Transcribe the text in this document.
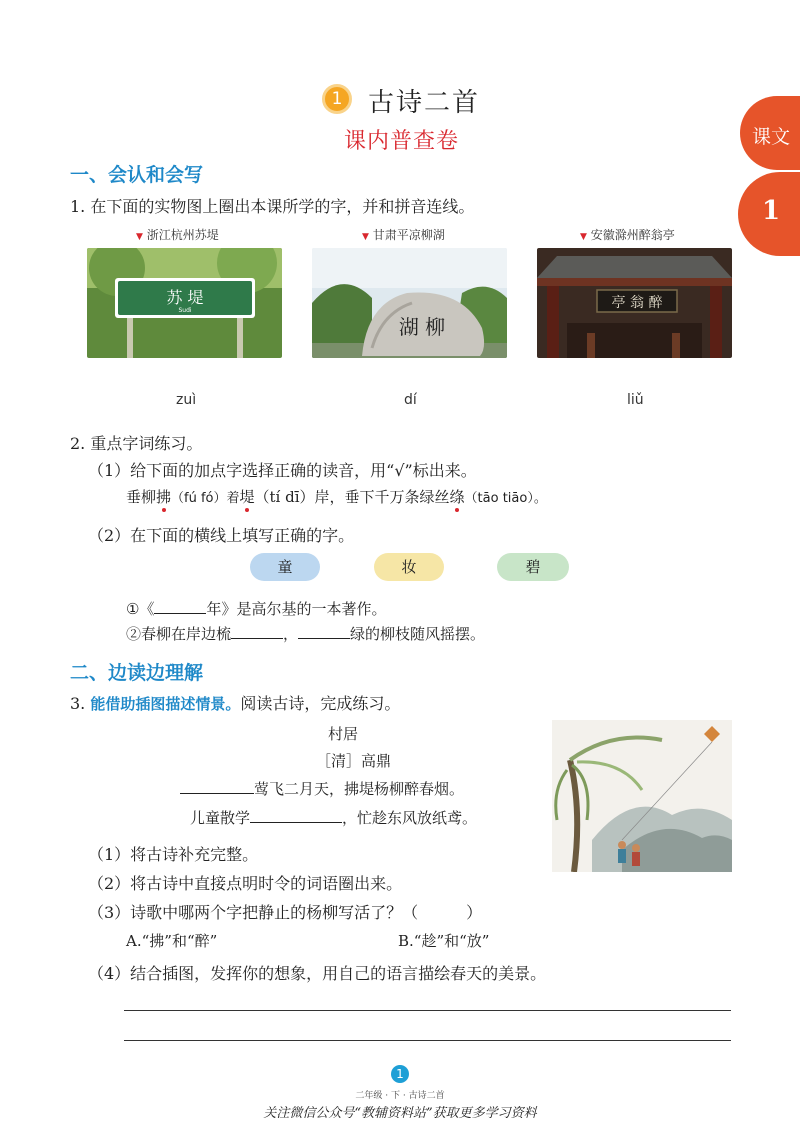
1 古诗二首
课内普查卷	课文
1
一、会认和会写
1. 在下面的实物图上圈出本课所学的字，并和拼音连线。
▼ 浙江杭州苏堤	▼ 甘肃平凉柳湖	▼ 安徽滁州醉翁亭
苏 堤
Sudi
湖 柳
亭 翁 醉
zuì	dí	liǔ
2. 重点字词练习。
（1）给下面的加点字选择正确的读音，用“√”标出来。
垂柳拂（fú fó）着堤（tí dī）岸，垂下千万条绿丝绦（tāo tiāo）。
（2）在下面的横线上填写正确的字。
童	妆	碧
①《	年》是高尔基的一本著作。
②春柳在岸边梳	，	绿的柳枝随风摇摆。
二、边读边理解
3. 能借助插图描述情景。阅读古诗，完成练习。
村居
［清］高鼎
莺飞二月天，拂堤杨柳醉春烟。
儿童散学	，忙趁东风放纸鸢。
（1）将古诗补充完整。
（2）将古诗中直接点明时令的词语圈出来。
（3）诗歌中哪两个字把静止的杨柳写活了？（　　　）
A.“拂”和“醉”	B.“趁”和“放”
（4）结合插图，发挥你的想象，用自己的语言描绘春天的美景。
1
二年级 · 下 · 古诗二首
关注微信公众号“教辅资料站”获取更多学习资料
